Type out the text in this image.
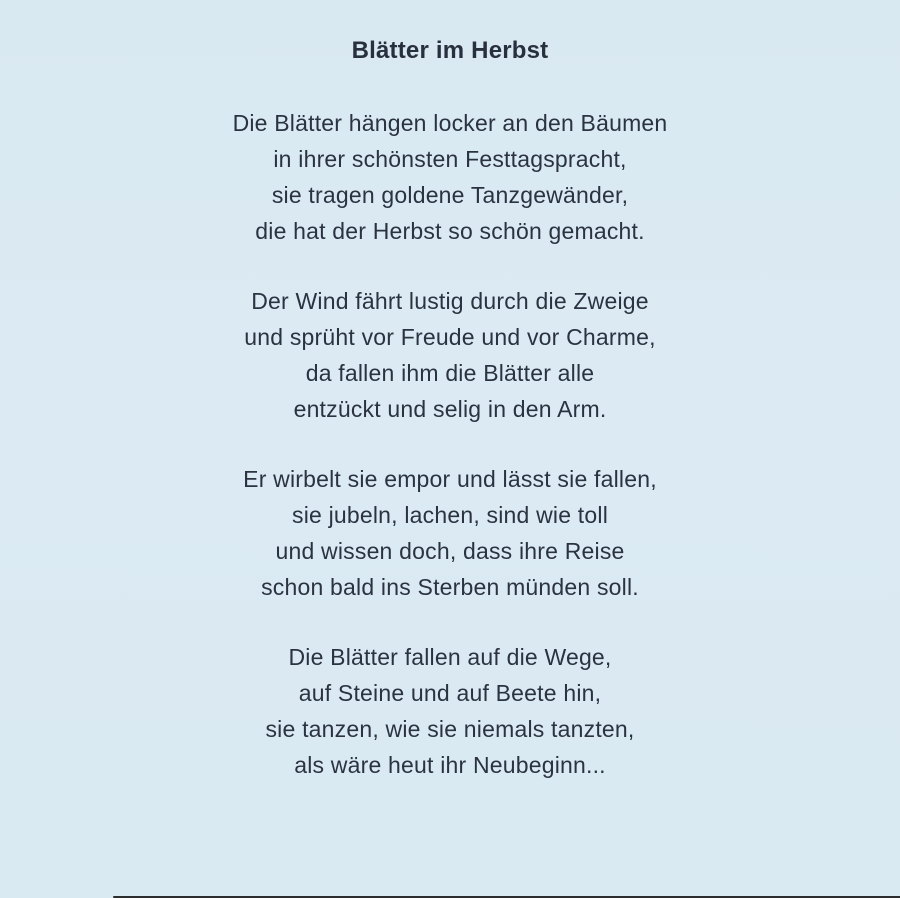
Blätter im Herbst

Die Blätter hängen locker an den Bäumen

in ihrer schönsten Festtagspracht,

sie tragen goldene Tanzgewänder,

die hat der Herbst so schön gemacht.

Der Wind fährt lustig durch die Zweige

und sprüht vor Freude und vor Charme,

da fallen ihm die Blätter alle

entzückt und selig in den Arm.

Er wirbelt sie empor und lässt sie fallen,

sie jubeln, lachen, sind wie toll

und wissen doch, dass ihre Reise

schon bald ins Sterben münden soll.

Die Blätter fallen auf die Wege,

auf Steine und auf Beete hin,

sie tanzen, wie sie niemals tanzten,

als wäre heut ihr Neubeginn...
